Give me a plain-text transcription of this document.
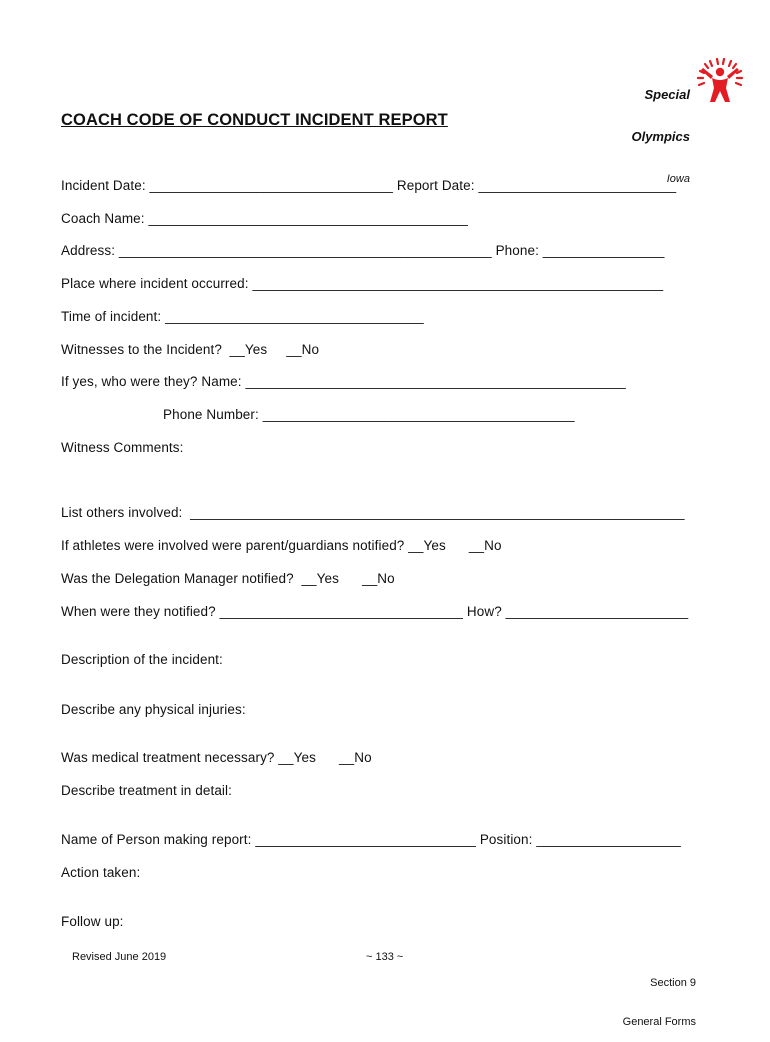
Special

Olympics

Iowa

COACH CODE OF CONDUCT INCIDENT REPORT
Incident Date: ________________________________ Report Date: __________________________
Coach Name: __________________________________________
Address: _________________________________________________ Phone: ________________
Place where incident occurred: ______________________________________________________
Time of incident: __________________________________
Witnesses to the Incident?  __Yes     __No
If yes, who were they? Name: __________________________________________________
Phone Number: _________________________________________
Witness Comments:
List others involved:  _________________________________________________________________
If athletes were involved were parent/guardians notified? __Yes      __No
Was the Delegation Manager notified?  __Yes      __No
When were they notified? ________________________________ How? ________________________
Description of the incident:
Describe any physical injuries:
Was medical treatment necessary? __Yes      __No
Describe treatment in detail:
Name of Person making report: _____________________________ Position: ___________________
Action taken:
Follow up:
Revised June 2019	~ 133 ~

Section 9

General Forms
